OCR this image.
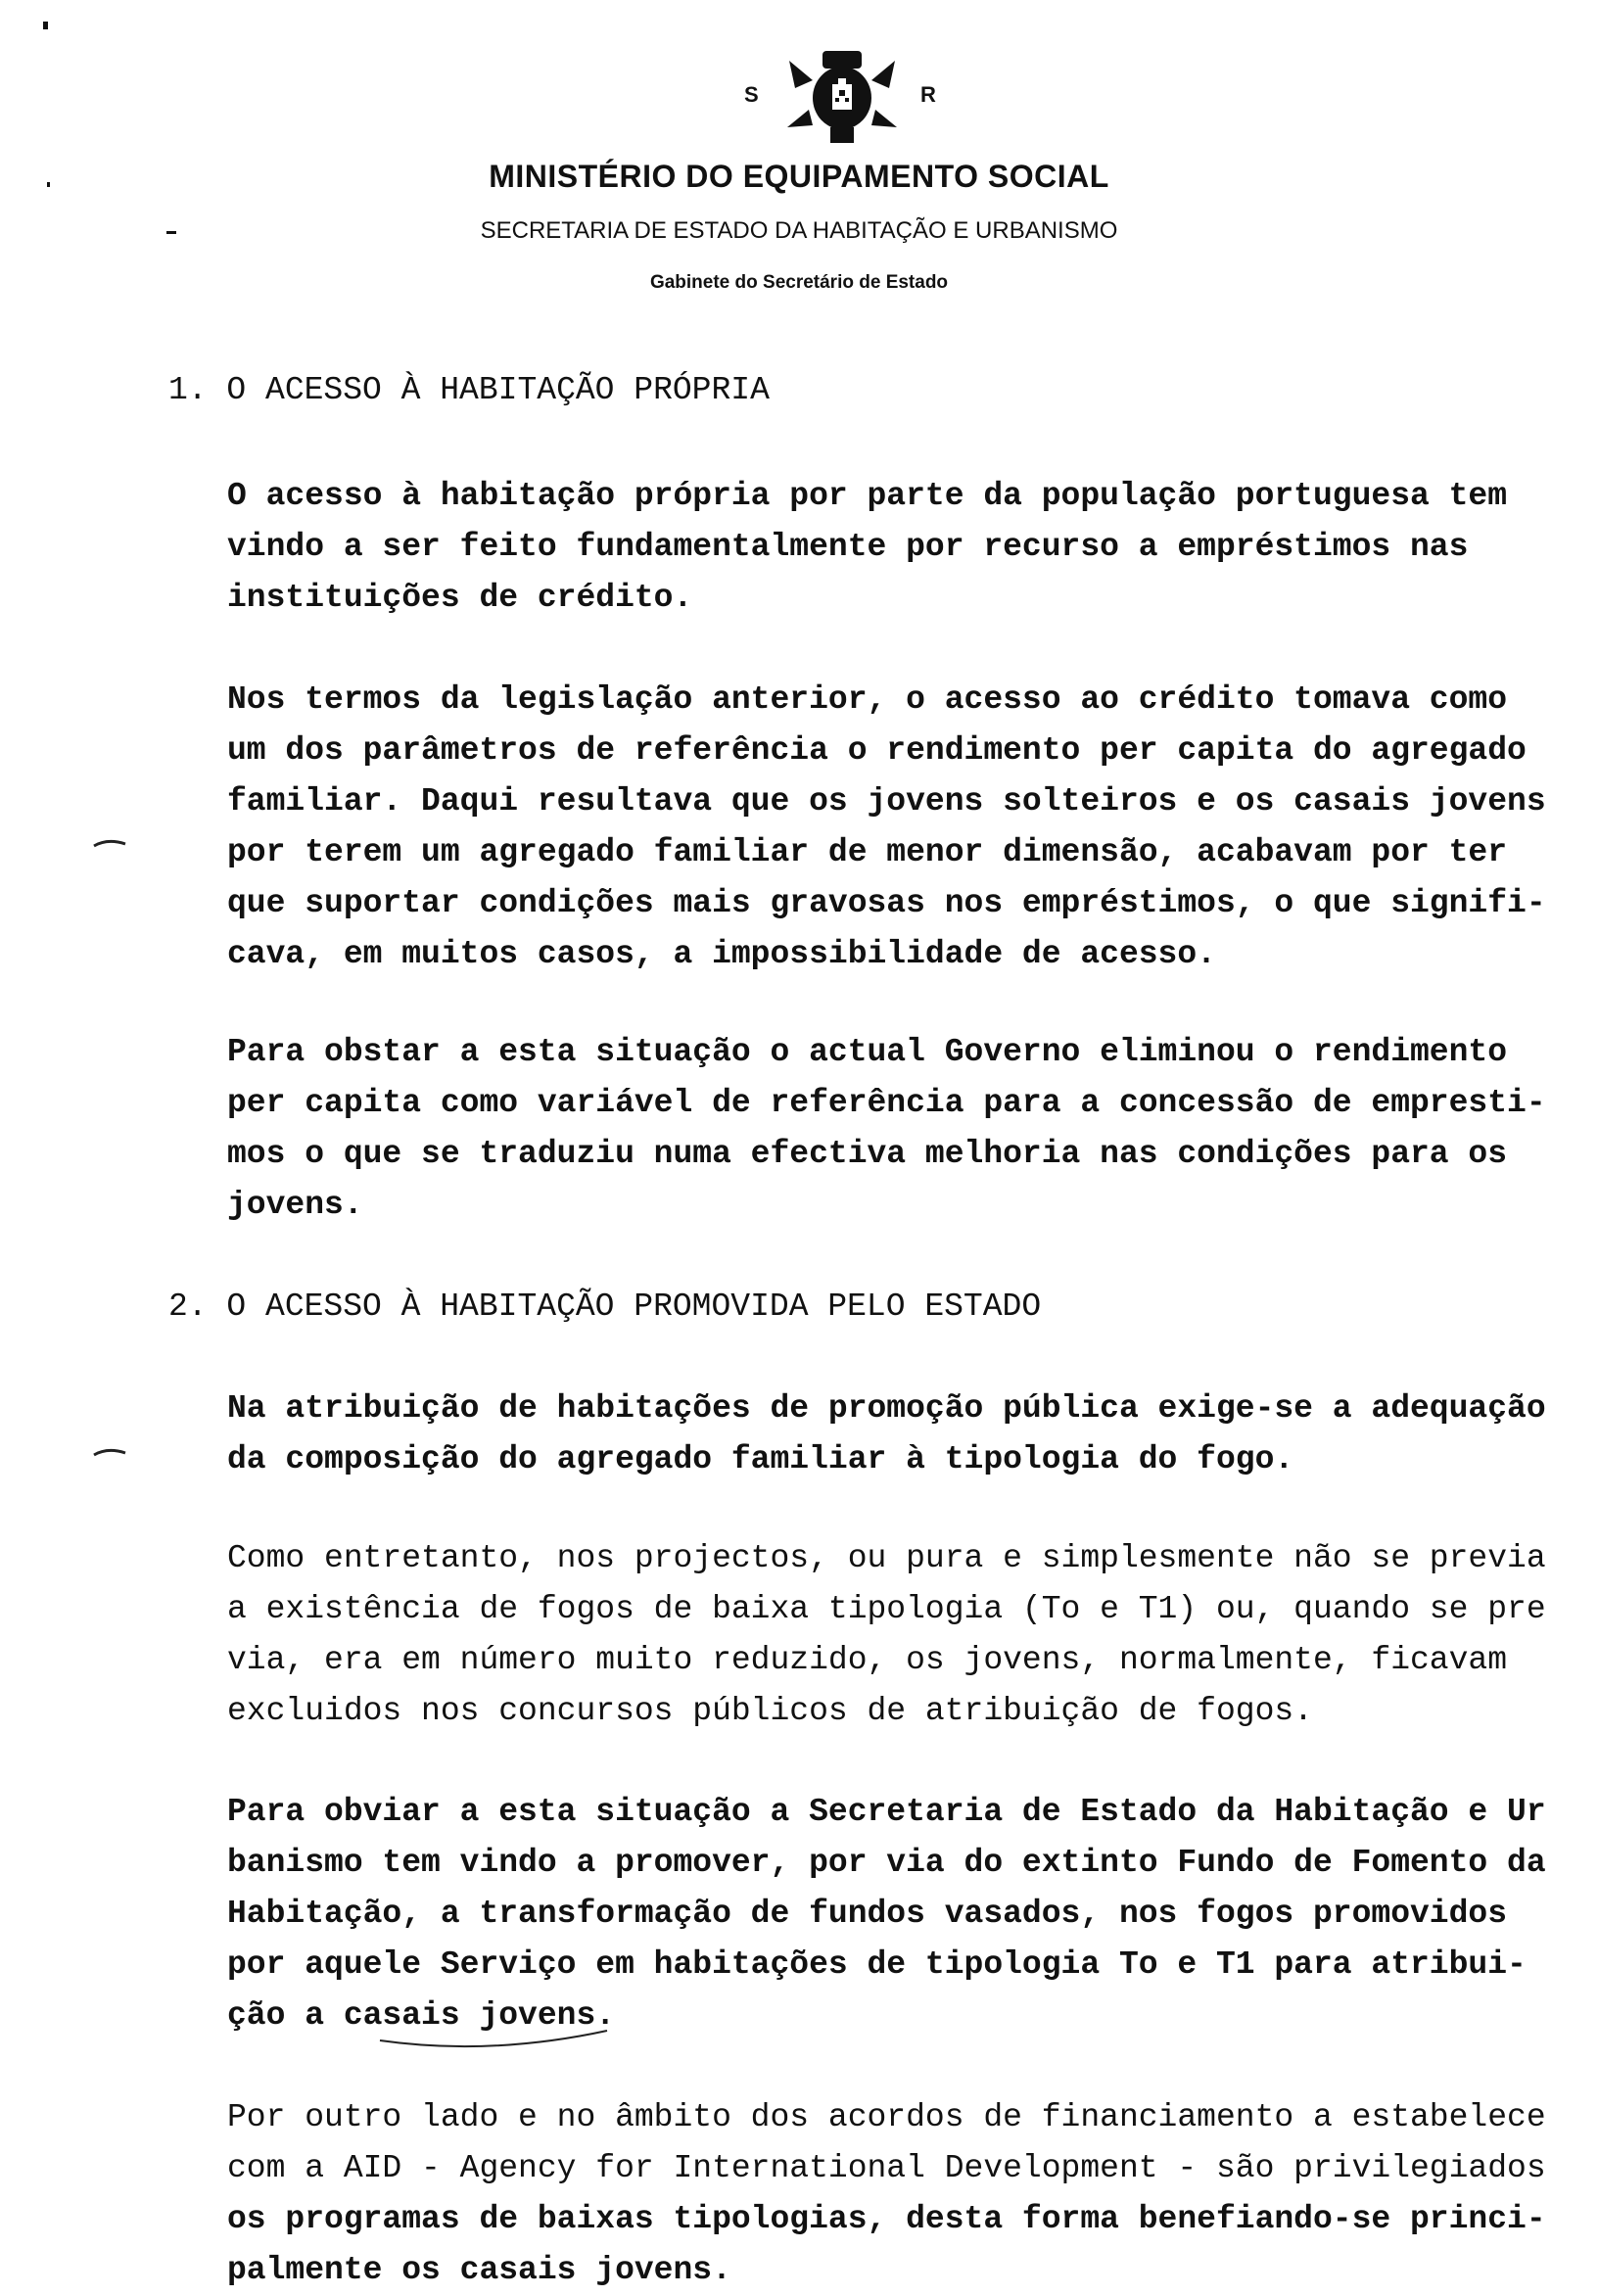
S	R
MINISTÉRIO DO EQUIPAMENTO SOCIAL
SECRETARIA DE ESTADO DA HABITAÇÃO E URBANISMO
Gabinete do Secretário de Estado
1. O ACESSO À HABITAÇÃO PRÓPRIA
O acesso à habitação própria por parte da população portuguesa tem
vindo a ser feito fundamentalmente por recurso a empréstimos nas
instituições de crédito.
Nos termos da legislação anterior, o acesso ao crédito tomava como
um dos parâmetros de referência o rendimento per capita do agregado
familiar. Daqui resultava que os jovens solteiros e os casais jovens
por terem um agregado familiar de menor dimensão, acabavam por ter
que suportar condições mais gravosas nos empréstimos, o que signifi-
cava, em muitos casos, a impossibilidade de acesso.
Para obstar a esta situação o actual Governo eliminou o rendimento
per capita como variável de referência para a concessão de empresti-
mos o que se traduziu numa efectiva melhoria nas condições para os
jovens.
2. O ACESSO À HABITAÇÃO PROMOVIDA PELO ESTADO
Na atribuição de habitações de promoção pública exige-se a adequação
da composição do agregado familiar à tipologia do fogo.
Como entretanto, nos projectos, ou pura e simplesmente não se previa
a existência de fogos de baixa tipologia (To e T1) ou, quando se pre
via, era em número muito reduzido, os jovens, normalmente, ficavam
excluidos nos concursos públicos de atribuição de fogos.
Para obviar a esta situação a Secretaria de Estado da Habitação e Ur
banismo tem vindo a promover, por via do extinto Fundo de Fomento da
Habitação, a transformação de fundos vasados, nos fogos promovidos
por aquele Serviço em habitações de tipologia To e T1 para atribui-
ção a casais jovens.
Por outro lado e no âmbito dos acordos de financiamento a estabelece
com a AID - Agency for International Development - são privilegiados
os programas de baixas tipologias, desta forma benefiando-se princi-
palmente os casais jovens.
